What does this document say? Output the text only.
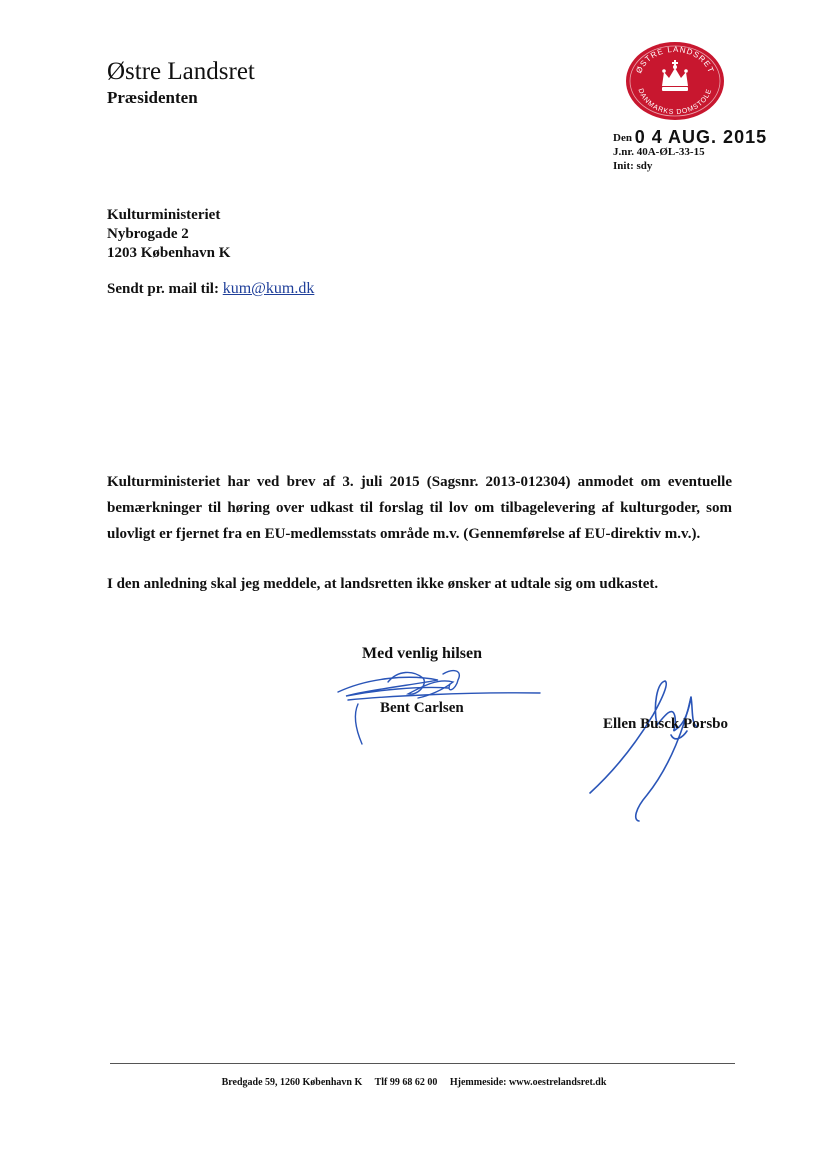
Østre Landsret
Præsidenten
ØSTRE LANDSRET
DANMARKS DOMSTOLE
Den 0 4 AUG. 2015
J.nr. 40A-ØL-33-15
Init: sdy
Kulturministeriet
Nybrogade 2
1203 København K
Sendt pr. mail til: kum@kum.dk
Kulturministeriet har ved brev af 3. juli 2015 (Sagsnr. 2013-012304) anmodet om eventuelle bemærkninger til høring over udkast til forslag til lov om tilbagelevering af kulturgoder, som ulovligt er fjernet fra en EU-medlemsstats område m.v. (Gennemførelse af EU-direktiv m.v.).
I den anledning skal jeg meddele, at landsretten ikke ønsker at udtale sig om udkastet.
Med venlig hilsen
Bent Carlsen
Ellen Busck Porsbo
Bredgade 59, 1260 København K Tlf 99 68 62 00 Hjemmeside: www.oestrelandsret.dk
